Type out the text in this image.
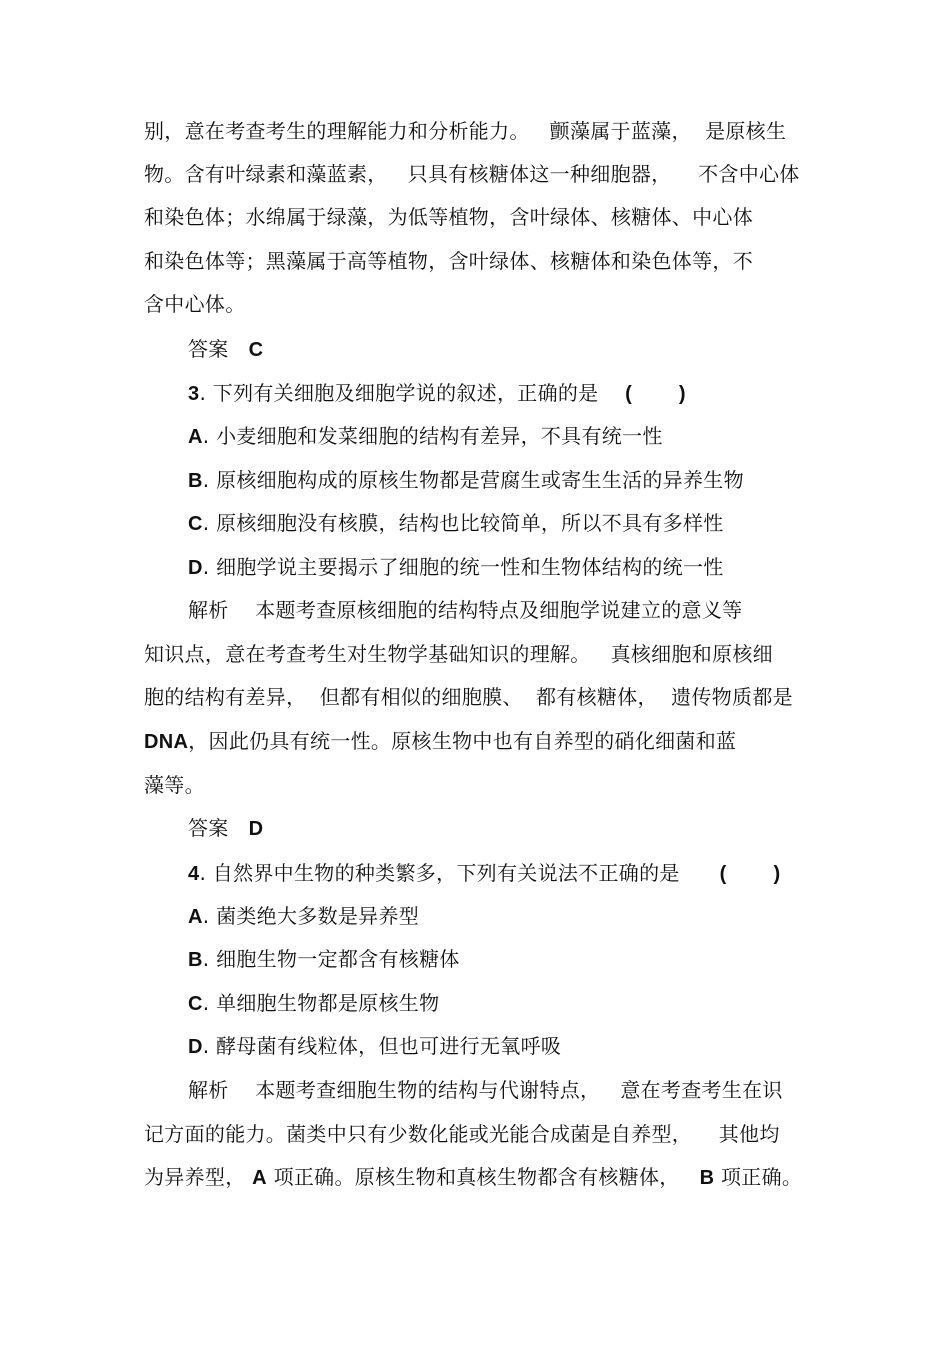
别，意在考查考生的理解能力和分析能力。   颤藻属于蓝藻，  是原核生
物。含有叶绿素和藻蓝素，   只具有核糖体这一种细胞器，    不含中心体
和染色体；水绵属于绿藻，为低等植物，含叶绿体、核糖体、中心体
和染色体等；黑藻属于高等植物，含叶绿体、核糖体和染色体等，不
含中心体。
答案 C
3. 下列有关细胞及细胞学说的叙述，正确的是 (        )
A. 小麦细胞和发菜细胞的结构有差异，不具有统一性
B. 原核细胞构成的原核生物都是营腐生或寄生生活的异养生物
C. 原核细胞没有核膜，结构也比较简单，所以不具有多样性
D. 细胞学说主要揭示了细胞的统一性和生物体结构的统一性
解析 本题考查原核细胞的结构特点及细胞学说建立的意义等
知识点，意在考查考生对生物学基础知识的理解。   真核细胞和原核细
胞的结构有差异，  但都有相似的细胞膜、  都有核糖体，  遗传物质都是
DNA，因此仍具有统一性。原核生物中也有自养型的硝化细菌和蓝
藻等。
答案 D
4. 自然界中生物的种类繁多，下列有关说法不正确的是 (        )
A. 菌类绝大多数是异养型
B. 细胞生物一定都含有核糖体
C. 单细胞生物都是原核生物
D. 酵母菌有线粒体，但也可进行无氧呼吸
解析 本题考查细胞生物的结构与代谢特点，   意在考查考生在识
记方面的能力。菌类中只有少数化能或光能合成菌是自养型，    其他均
为异养型， A 项正确。原核生物和真核生物都含有核糖体，   B 项正确。
